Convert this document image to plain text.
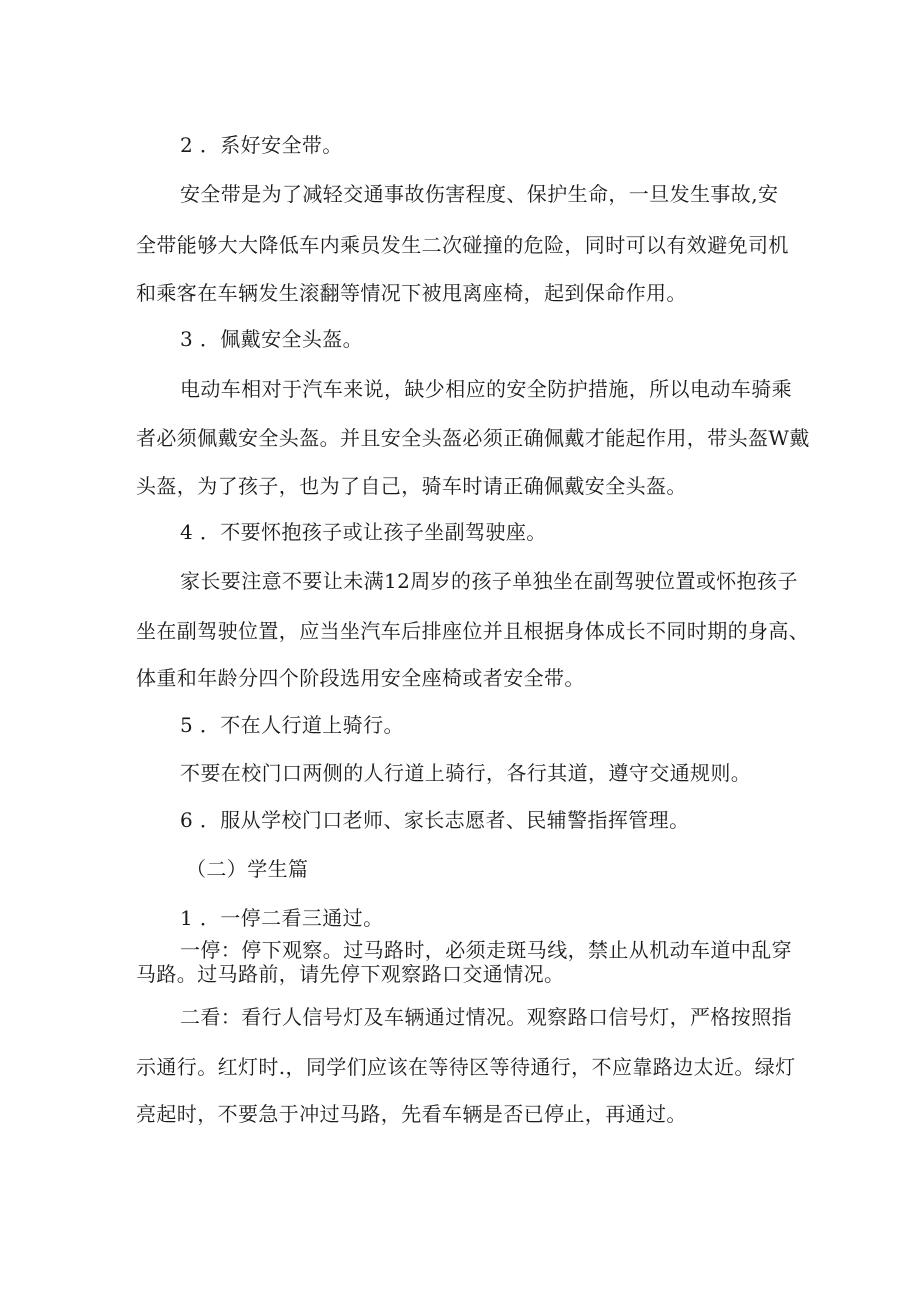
2 ．系好安全带。
安全带是为了减轻交通事故伤害程度、保护生命，一旦发生事故,安
全带能够大大降低车内乘员发生二次碰撞的危险，同时可以有效避免司机
和乘客在车辆发生滚翻等情况下被甩离座椅，起到保命作用。
3 ．佩戴安全头盔。
电动车相对于汽车来说，缺少相应的安全防护措施，所以电动车骑乘
者必须佩戴安全头盔。并且安全头盔必须正确佩戴才能起作用，带头盔W戴
头盔，为了孩子，也为了自己，骑车时请正确佩戴安全头盔。
4 ．不要怀抱孩子或让孩子坐副驾驶座。
家长要注意不要让未满12周岁的孩子单独坐在副驾驶位置或怀抱孩子
坐在副驾驶位置，应当坐汽车后排座位并且根据身体成长不同时期的身高、
体重和年龄分四个阶段选用安全座椅或者安全带。
5 ．不在人行道上骑行。
不要在校门口两侧的人行道上骑行，各行其道，遵守交通规则。
6 ．服从学校门口老师、家长志愿者、民辅警指挥管理。
（二）学生篇
1 ．一停二看三通过。
一停：停下观察。过马路时，必须走斑马线，禁止从机动车道中乱穿
马路。过马路前，请先停下观察路口交通情况。
二看：看行人信号灯及车辆通过情况。观察路口信号灯，严格按照指
示通行。红灯时.，同学们应该在等待区等待通行，不应靠路边太近。绿灯
亮起时，不要急于冲过马路，先看车辆是否已停止，再通过。
